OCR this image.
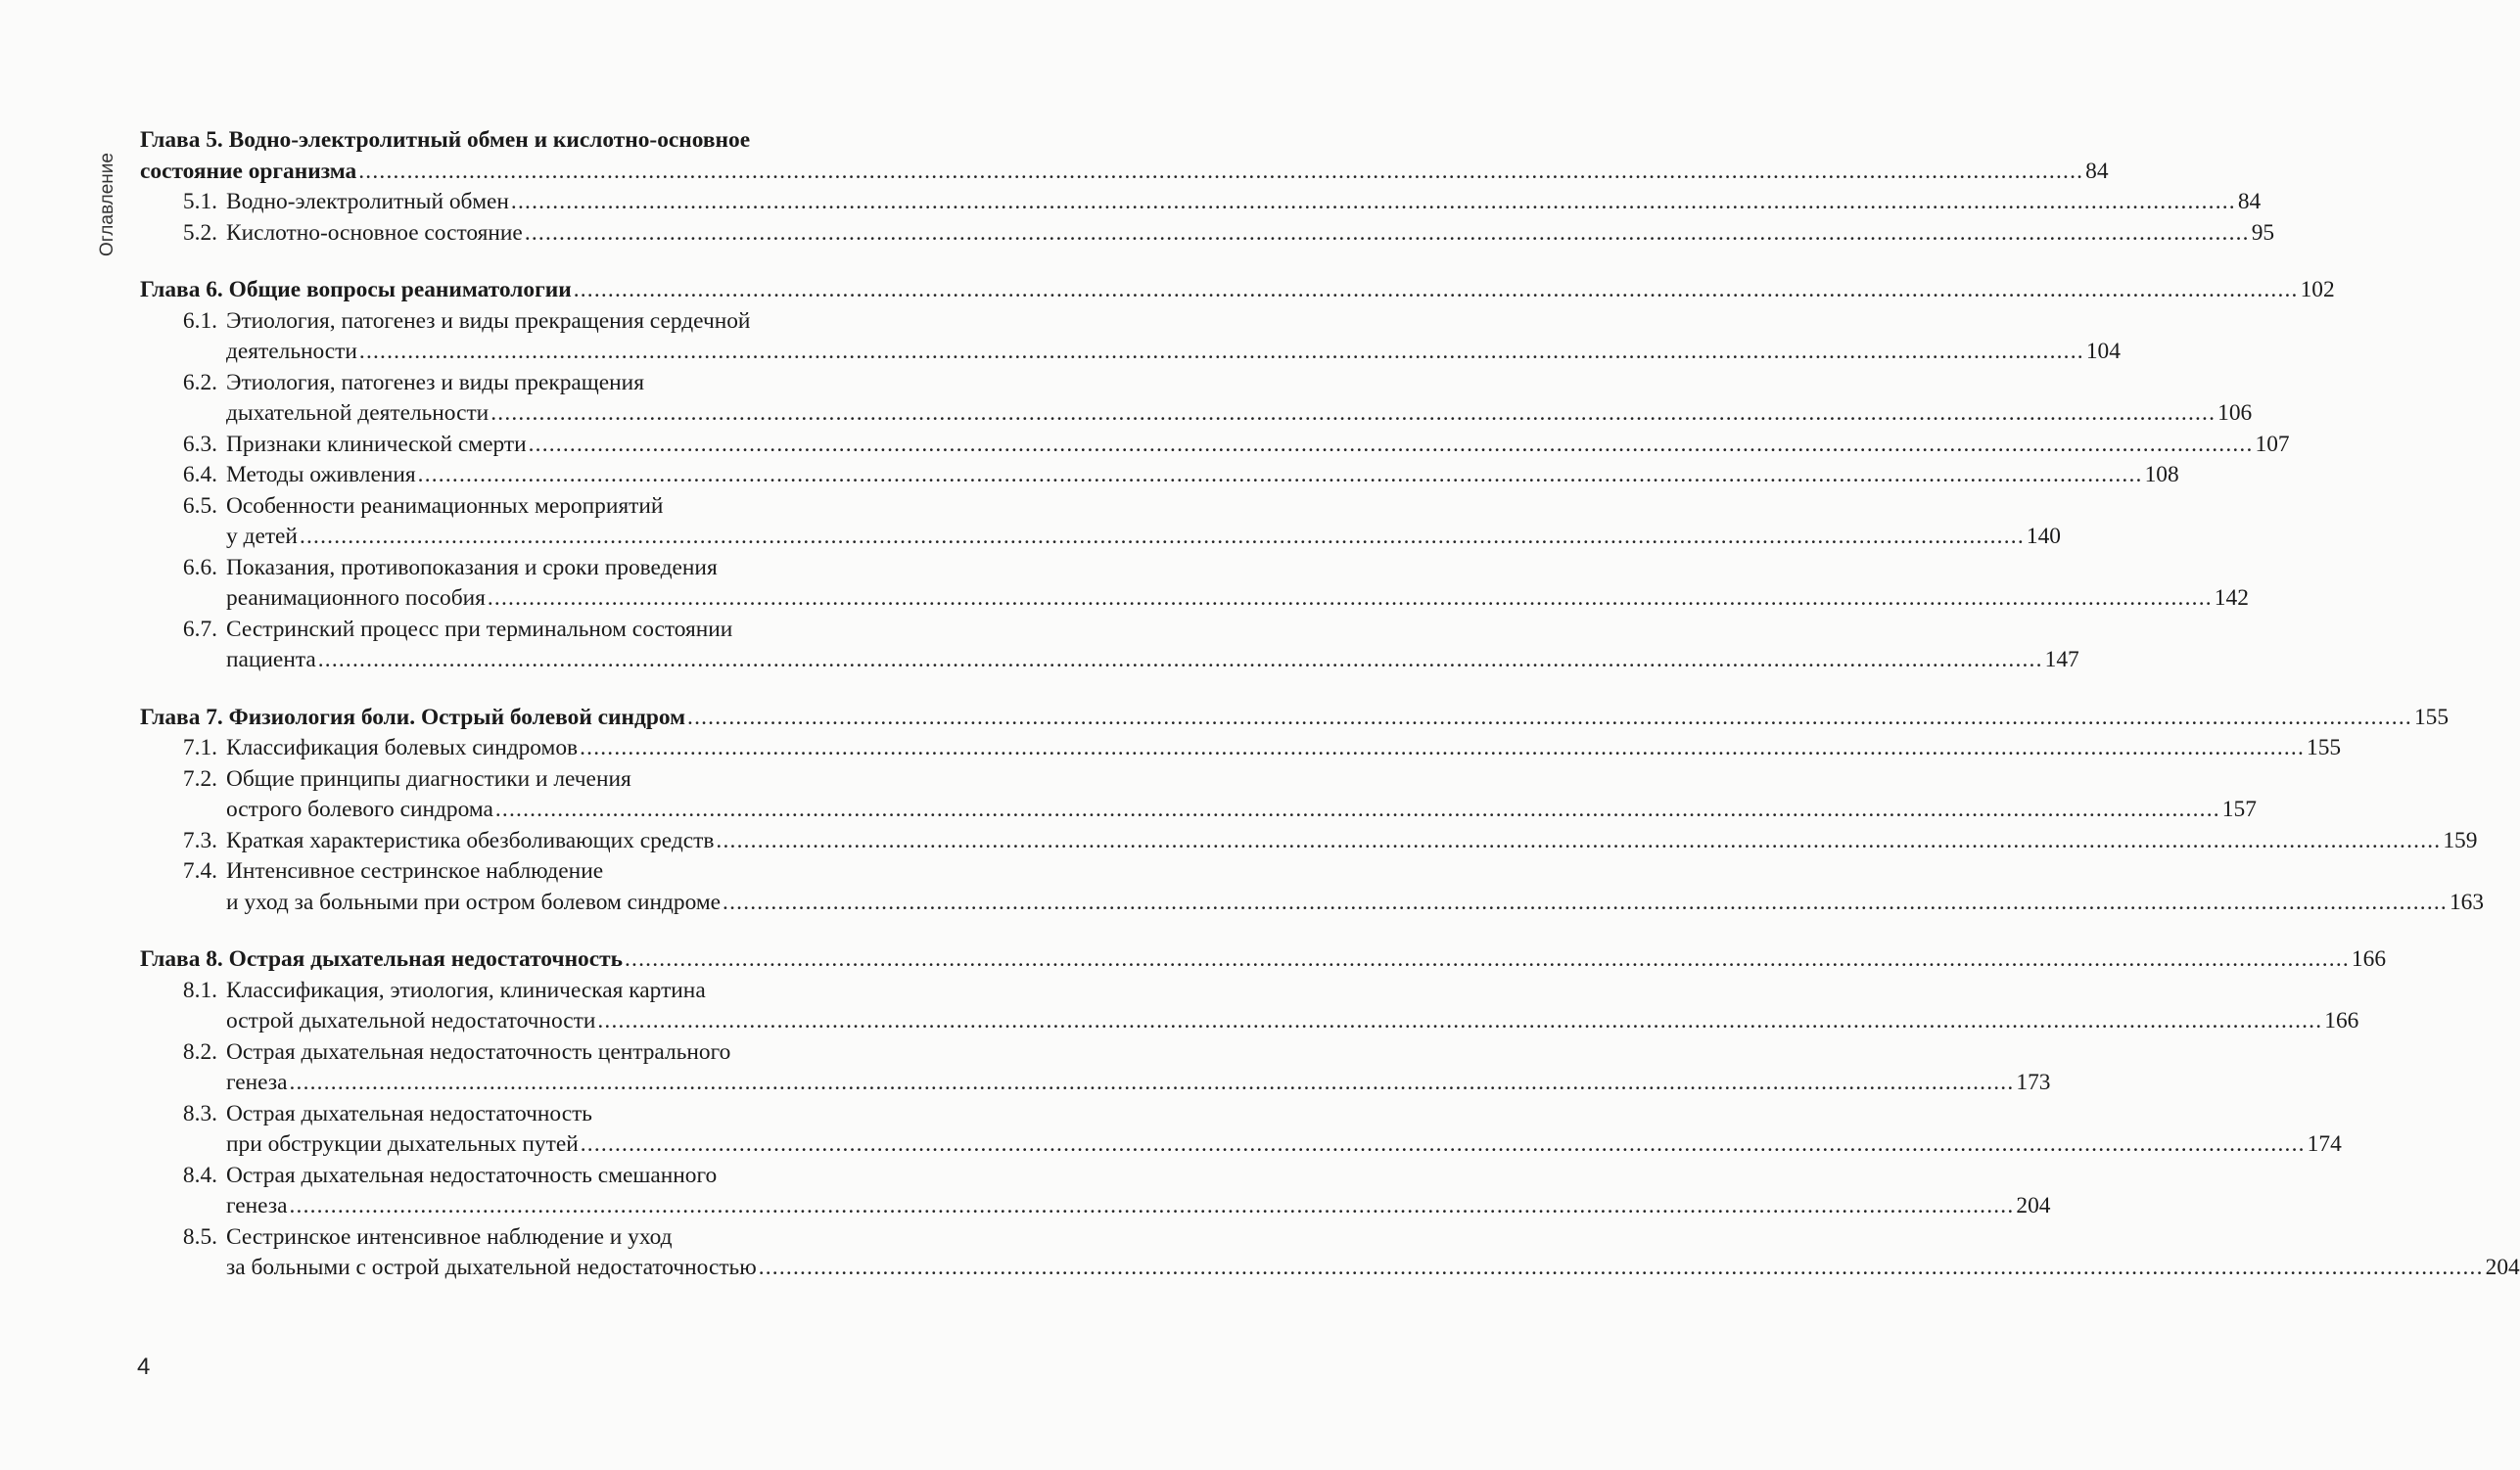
Оглавление
Глава 5. Водно-электролитный обмен и кислотно-основное
состояние организма .......................................................................................................................................................................................................................................................... 84
5.1. Водно-электролитный обмен .......................................................................................................................................................................................................................................................... 84
5.2. Кислотно-основное состояние .......................................................................................................................................................................................................................................................... 95
Глава 6. Общие вопросы реаниматологии .......................................................................................................................................................................................................................................................... 102
6.1. Этиология, патогенез и виды прекращения сердечной
деятельности .......................................................................................................................................................................................................................................................... 104
6.2. Этиология, патогенез и виды прекращения
дыхательной деятельности .......................................................................................................................................................................................................................................................... 106
6.3. Признаки клинической смерти .......................................................................................................................................................................................................................................................... 107
6.4. Методы оживления .......................................................................................................................................................................................................................................................... 108
6.5. Особенности реанимационных мероприятий
у детей .......................................................................................................................................................................................................................................................... 140
6.6. Показания, противопоказания и сроки проведения
реанимационного пособия .......................................................................................................................................................................................................................................................... 142
6.7. Сестринский процесс при терминальном состоянии
пациента .......................................................................................................................................................................................................................................................... 147
Глава 7. Физиология боли. Острый болевой синдром .......................................................................................................................................................................................................................................................... 155
7.1. Классификация болевых синдромов .......................................................................................................................................................................................................................................................... 155
7.2. Общие принципы диагностики и лечения
острого болевого синдрома .......................................................................................................................................................................................................................................................... 157
7.3. Краткая характеристика обезболивающих средств .......................................................................................................................................................................................................................................................... 159
7.4. Интенсивное сестринское наблюдение
и уход за больными при остром болевом синдроме .......................................................................................................................................................................................................................................................... 163
Глава 8. Острая дыхательная недостаточность .......................................................................................................................................................................................................................................................... 166
8.1. Классификация, этиология, клиническая картина
острой дыхательной недостаточности .......................................................................................................................................................................................................................................................... 166
8.2. Острая дыхательная недостаточность центрального
генеза .......................................................................................................................................................................................................................................................... 173
8.3. Острая дыхательная недостаточность
при обструкции дыхательных путей .......................................................................................................................................................................................................................................................... 174
8.4. Острая дыхательная недостаточность смешанного
генеза .......................................................................................................................................................................................................................................................... 204
8.5. Сестринское интенсивное наблюдение и уход
за больными с острой дыхательной недостаточностью .......................................................................................................................................................................................................................................................... 204
4
